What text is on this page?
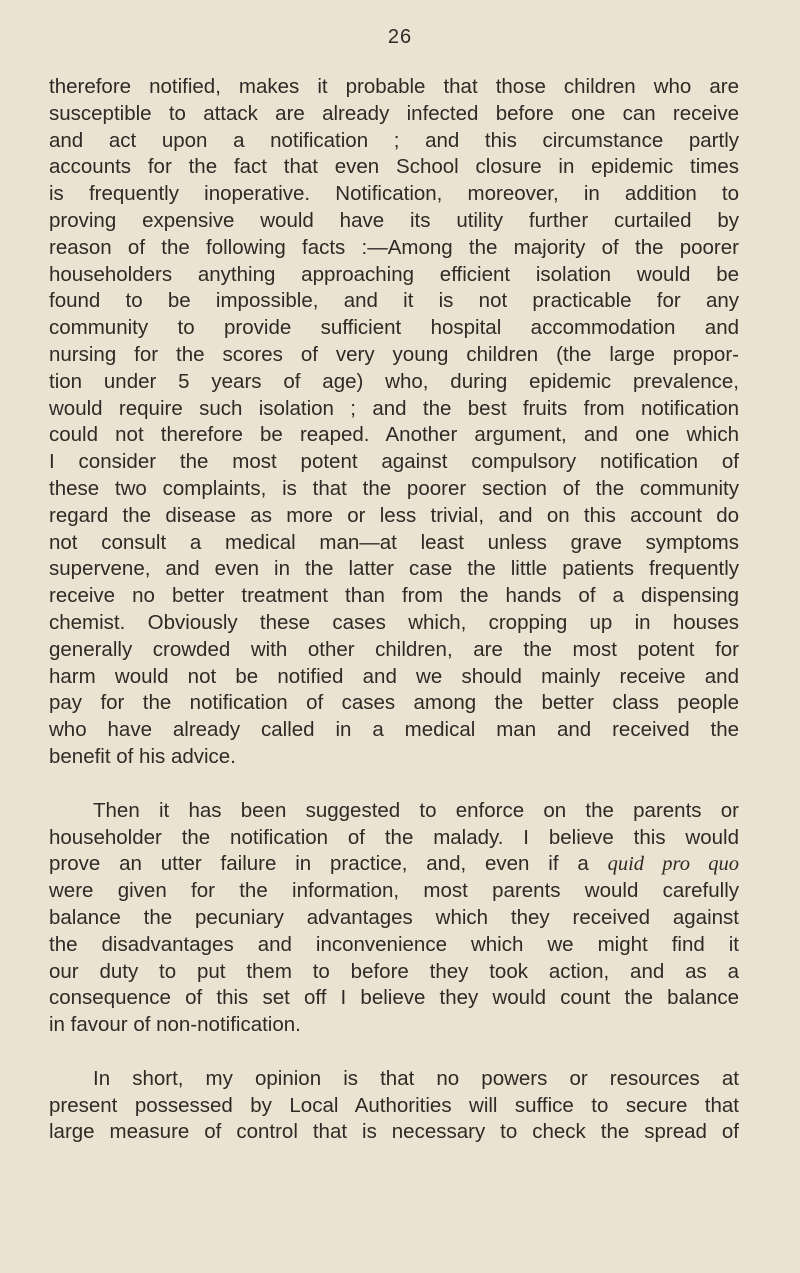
26
therefore notified, makes it probable that those children who are
susceptible to attack are already infected before one can receive
and act upon a notification ; and this circumstance partly
accounts for the fact that even School closure in epidemic times
is frequently inoperative. Notification, moreover, in addition to
proving expensive would have its utility further curtailed by
reason of the following facts :—Among the majority of the poorer
householders anything approaching efficient isolation would be
found to be impossible, and it is not practicable for any
community to provide sufficient hospital accommodation and
nursing for the scores of very young children (the large propor-
tion under 5 years of age) who, during epidemic prevalence,
would require such isolation ; and the best fruits from notification
could not therefore be reaped. Another argument, and one which
I consider the most potent against compulsory notification of
these two complaints, is that the poorer section of the community
regard the disease as more or less trivial, and on this account do
not consult a medical man—at least unless grave symptoms
supervene, and even in the latter case the little patients frequently
receive no better treatment than from the hands of a dispensing
chemist. Obviously these cases which, cropping up in houses
generally crowded with other children, are the most potent for
harm would not be notified and we should mainly receive and
pay for the notification of cases among the better class people
who have already called in a medical man and received the
benefit of his advice.
Then it has been suggested to enforce on the parents or
householder the notification of the malady. I believe this would
prove an utter failure in practice, and, even if a quid pro quo
were given for the information, most parents would carefully
balance the pecuniary advantages which they received against
the disadvantages and inconvenience which we might find it
our duty to put them to before they took action, and as a
consequence of this set off I believe they would count the balance
in favour of non-notification.
In short, my opinion is that no powers or resources at
present possessed by Local Authorities will suffice to secure that
large measure of control that is necessary to check the spread of
